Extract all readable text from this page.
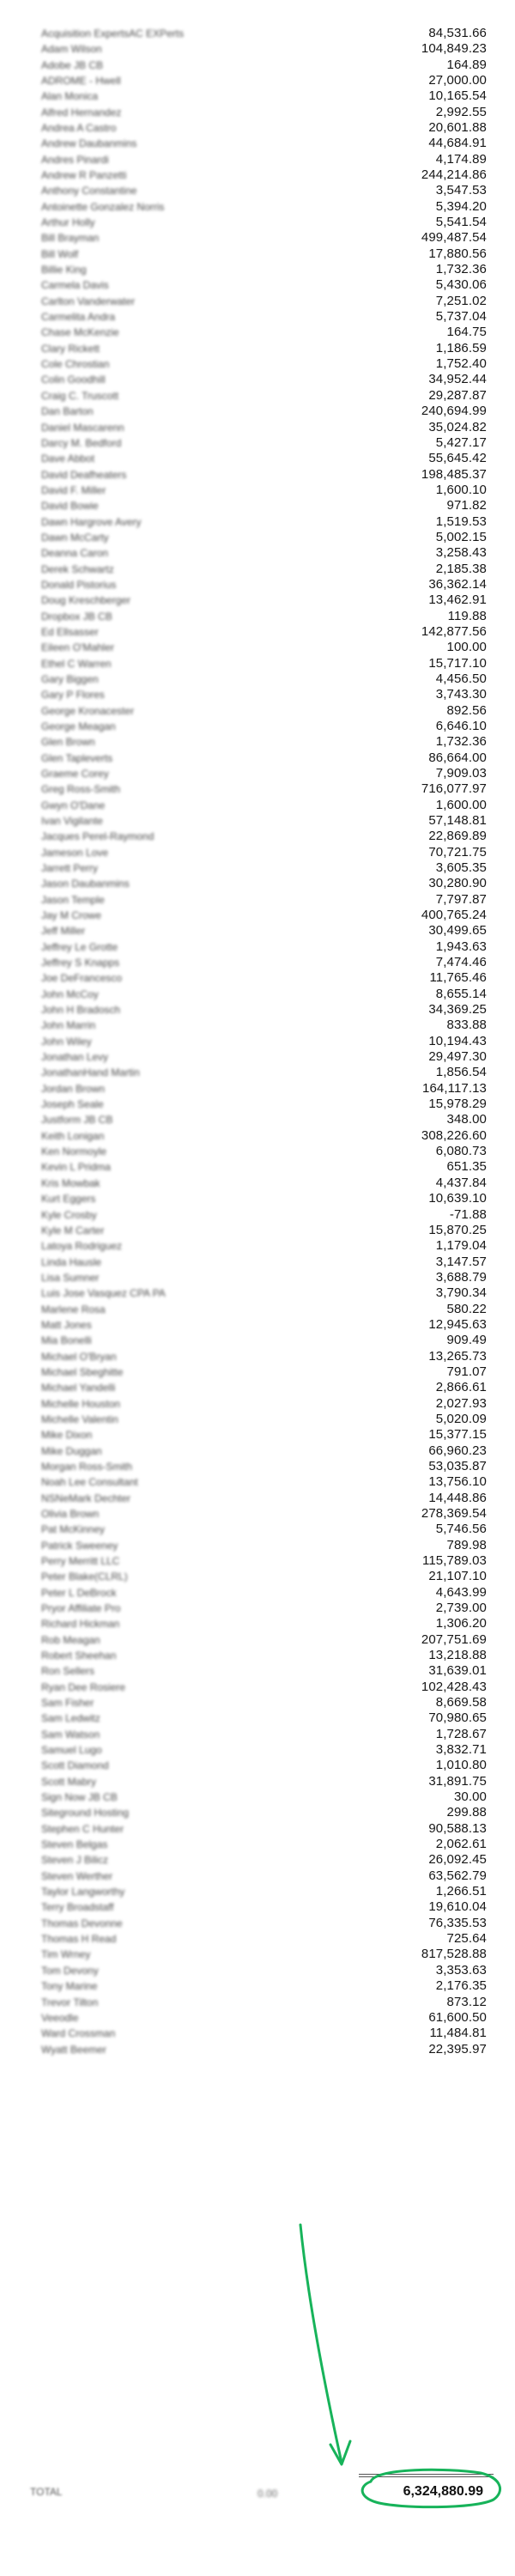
Acquisition ExpertsAC EXPerts	84,531.66
Adam Wilson	104,849.23
Adobe JB CB	164.89
ADROME - Hwell	27,000.00
Alan Monica	10,165.54
Alfred Hernandez	2,992.55
Andrea A Castro	20,601.88
Andrew Daubanmins	44,684.91
Andres Pinardi	4,174.89
Andrew R Panzetti	244,214.86
Anthony Constantine	3,547.53
Antoinette Gonzalez Norris	5,394.20
Arthur Holly	5,541.54
Bill Brayman	499,487.54
Bill Wolf	17,880.56
Billie King	1,732.36
Carmela Davis	5,430.06
Carlton Vanderwater	7,251.02
Carmelita Andra	5,737.04
Chase McKenzie	164.75
Clary Rickett	1,186.59
Cole Chrostian	1,752.40
Colin Goodhill	34,952.44
Craig C. Truscott	29,287.87
Dan Barton	240,694.99
Daniel Mascarenn	35,024.82
Darcy M. Bedford	5,427.17
Dave Abbot	55,645.42
David Deafheaters	198,485.37
David F. Miller	1,600.10
David Bowie	971.82
Dawn Hargrove Avery	1,519.53
Dawn McCarty	5,002.15
Deanna Caron	3,258.43
Derek Schwartz	2,185.38
Donald Pistorius	36,362.14
Doug Kreschberger	13,462.91
Dropbox JB CB	119.88
Ed Ellsasser	142,877.56
Eileen O'Mahler	100.00
Ethel C Warren	15,717.10
Gary Biggen	4,456.50
Gary P Flores	3,743.30
George Kronacester	892.56
George Meagan	6,646.10
Glen Brown	1,732.36
Glen Tapleverts	86,664.00
Graeme Corey	7,909.03
Greg Ross-Smith	716,077.97
Gwyn O'Dane	1,600.00
Ivan Vigilante	57,148.81
Jacques Perel-Raymond	22,869.89
Jameson Love	70,721.75
Jarrett Perry	3,605.35
Jason Daubanmins	30,280.90
Jason Temple	7,797.87
Jay M Crowe	400,765.24
Jeff Miller	30,499.65
Jeffrey Le Grotte	1,943.63
Jeffrey S Knapps	7,474.46
Joe DeFrancesco	11,765.46
John McCoy	8,655.14
John H Bradosch	34,369.25
John Marrin	833.88
John Wiley	10,194.43
Jonathan Levy	29,497.30
JonathanHand Martin	1,856.54
Jordan Brown	164,117.13
Joseph Seale	15,978.29
Justform JB CB	348.00
Keith Lonigan	308,226.60
Ken Normoyle	6,080.73
Kevin L Pridma	651.35
Kris Mowbak	4,437.84
Kurt Eggers	10,639.10
Kyle Crosby	-71.88
Kyle M Carter	15,870.25
Latoya Rodriguez	1,179.04
Linda Hausle	3,147.57
Lisa Sumner	3,688.79
Luis Jose Vasquez CPA PA	3,790.34
Marlene Rosa	580.22
Matt Jones	12,945.63
Mia Bonelli	909.49
Michael O'Bryan	13,265.73
Michael Sbeghitte	791.07
Michael Yandelli	2,866.61
Michelle Houston	2,027.93
Michelle Valentin	5,020.09
Mike Dixon	15,377.15
Mike Duggan	66,960.23
Morgan Ross-Smith	53,035.87
Noah Lee Consultant	13,756.10
NSNeMark Dechter	14,448.86
Olivia Brown	278,369.54
Pat McKinney	5,746.56
Patrick Sweeney	789.98
Perry Merritt LLC	115,789.03
Peter Blake(CLRL)	21,107.10
Peter L DeBrock	4,643.99
Pryor Affiliate Pro	2,739.00
Richard Hickman	1,306.20
Rob Meagan	207,751.69
Robert Sheehan	13,218.88
Ron Sellers	31,639.01
Ryan Dee Rosiere	102,428.43
Sam Fisher	8,669.58
Sam Ledwitz	70,980.65
Sam Watson	1,728.67
Samuel Lugo	3,832.71
Scott Diamond	1,010.80
Scott Mabry	31,891.75
Sign Now JB CB	30.00
Siteground Hosting	299.88
Stephen C Hunter	90,588.13
Steven Belgas	2,062.61
Steven J Bilicz	26,092.45
Steven Werther	63,562.79
Taylor Langworthy	1,266.51
Terry Broadstaff	19,610.04
Thomas Devonne	76,335.53
Thomas H Read	725.64
Tim Wrney	817,528.88
Tom Devony	3,353.63
Tony Marine	2,176.35
Trevor Tilton	873.12
Veeodle	61,600.50
Ward Crossman	11,484.81
Wyatt Beemer	22,395.97
TOTAL	0.00	6,324,880.99
